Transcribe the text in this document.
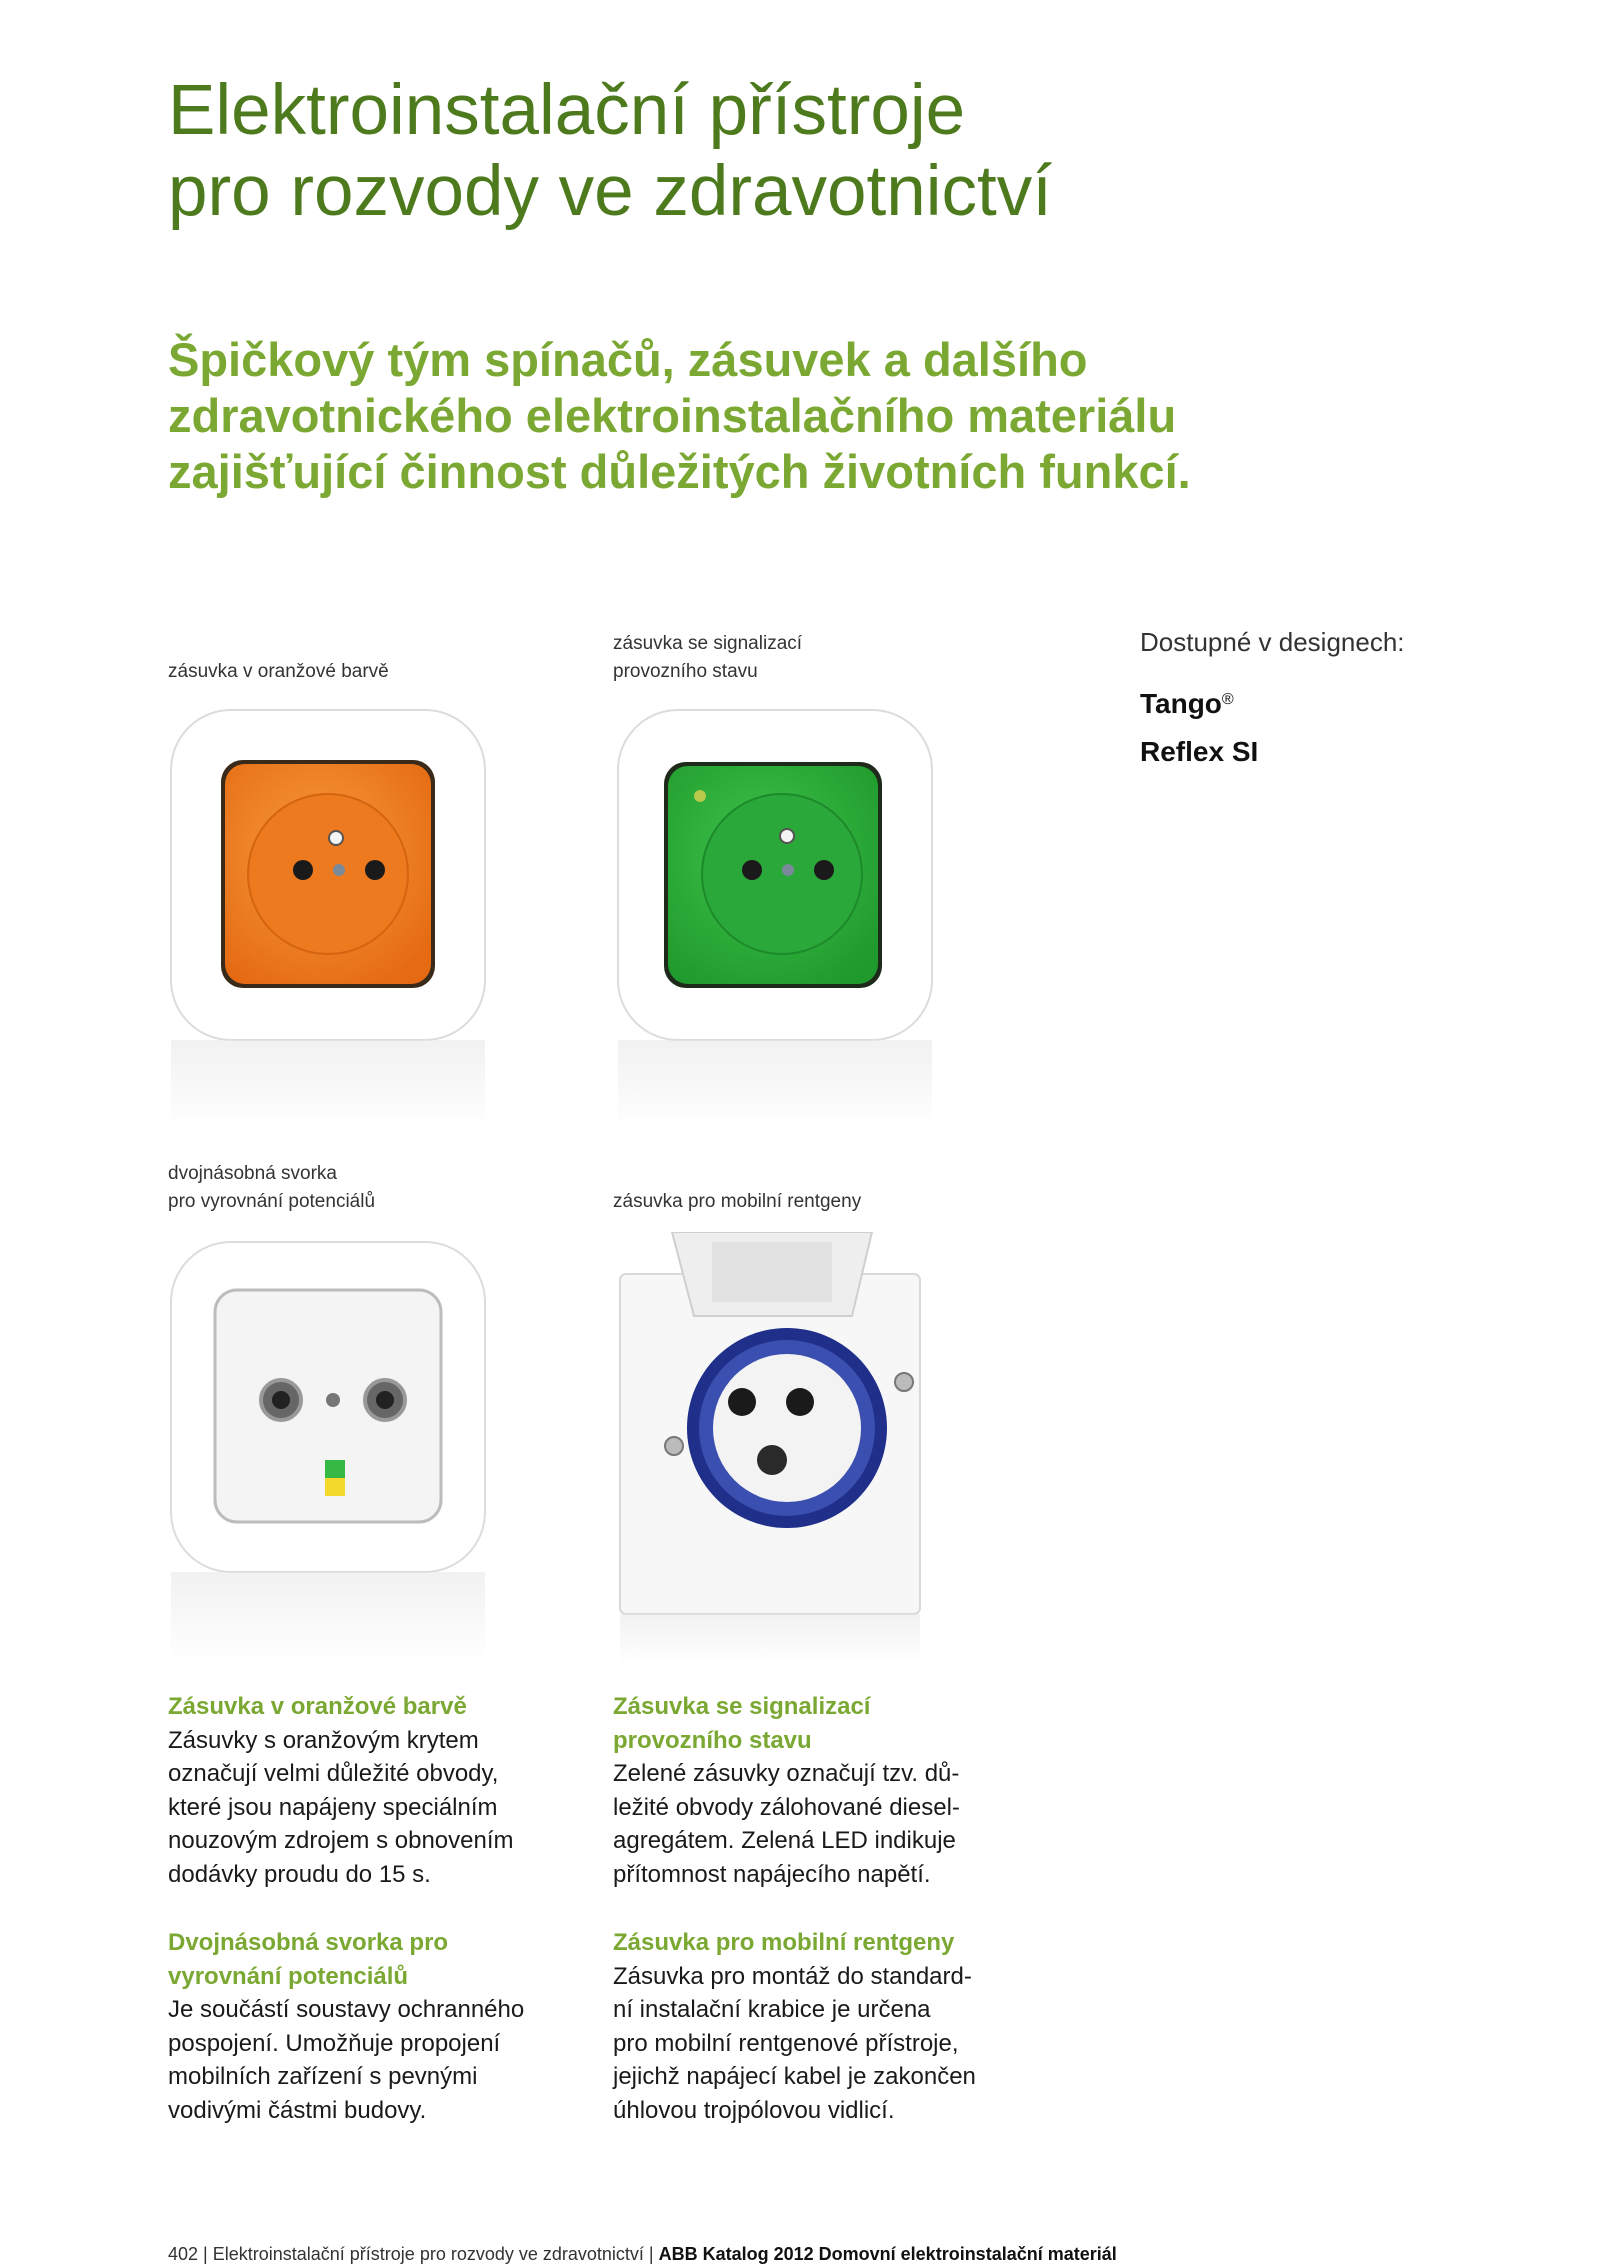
Elektroinstalační přístroje
pro rozvody ve zdravotnictví
Špičkový tým spínačů, zásuvek a dalšího
zdravotnického elektroinstalačního materiálu
zajišťující činnost důležitých životních funkcí.
zásuvka v oranžové barvě
zásuvka se signalizací
provozního stavu
Dostupné v designech:
Tango®
Reflex SI
dvojnásobná svorka
pro vyrovnání potenciálů	zásuvka pro mobilní rentgeny
Zásuvka v oranžové barvě
Zásuvky s oranžovým krytem
označují velmi důležité obvody,
které jsou napájeny speciálním
nouzovým zdrojem s obnovením
dodávky proudu do 15 s.
Zásuvka se signalizací
provozního stavu
Zelené zásuvky označují tzv. dů-
ležité obvody zálohované diesel-
agregátem. Zelená LED indikuje
přítomnost napájecího napětí.
Dvojnásobná svorka pro
vyrovnání potenciálů
Je součástí soustavy ochranného
pospojení. Umožňuje propojení
mobilních zařízení s pevnými
vodivými částmi budovy.
Zásuvka pro mobilní rentgeny
Zásuvka pro montáž do standard-
ní instalační krabice je určena
pro mobilní rentgenové přístroje,
jejichž napájecí kabel je zakončen
úhlovou trojpólovou vidlicí.
402 | Elektroinstalační přístroje pro rozvody ve zdravotnictví | ABB Katalog 2012 Domovní elektroinstalační materiál
